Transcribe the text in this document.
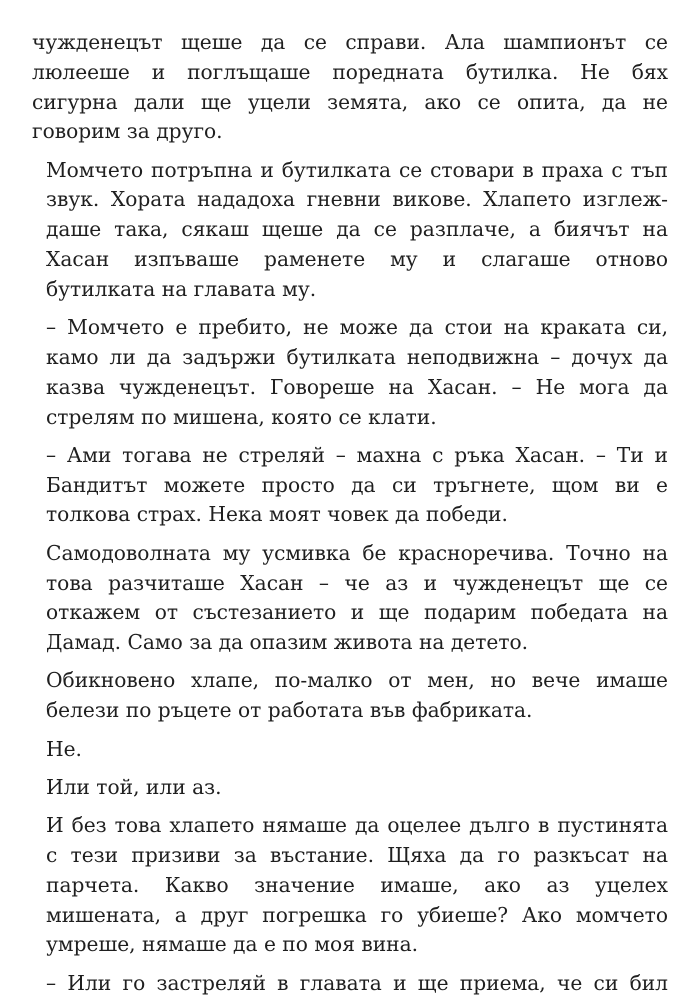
чужденецът щеше да се справи. Ала шампионът се
люлееше и поглъщаше поредната бутилка. Не бях
сигурна дали ще уцели земята, ако се опита, да не
говорим за друго.

Момчето потръпна и бутилката се стовари в праха с тъп
звук. Хората нададоха гневни викове. Хлапето изглеж-
даше така, сякаш щеше да се разплаче, а биячът на
Хасан изпъваше раменете му и слагаше отново
бутилката на главата му.

– Момчето е пребито, не може да стои на краката си,
камо ли да задържи бутилката неподвижна – дочух да
казва чужденецът. Говореше на Хасан. – Не мога да
стрелям по мишена, която се клати.

– Ами тогава не стреляй – махна с ръка Хасан. – Ти и
Бандитът можете просто да си тръгнете, щом ви е
толкова страх. Нека моят човек да победи.

Самодоволната му усмивка бе красноречива. Точно на
това разчиташе Хасан – че аз и чужденецът ще се
откажем от състезанието и ще подарим победата на
Дамад. Само за да опазим живота на детето.

Обикновено хлапе, по-малко от мен, но вече имаше
белези по ръцете от работата във фабриката.

Не.

Или той, или аз.

И без това хлапето нямаше да оцелее дълго в пустинята
с тези призиви за въстание. Щяха да го разкъсат на
парчета. Какво значение имаше, ако аз уцелех
мишената, а друг погрешка го убиеше? Ако момчето
умреше, нямаше да е по моя вина.

– Или го застреляй в главата и ще приема, че си бил
